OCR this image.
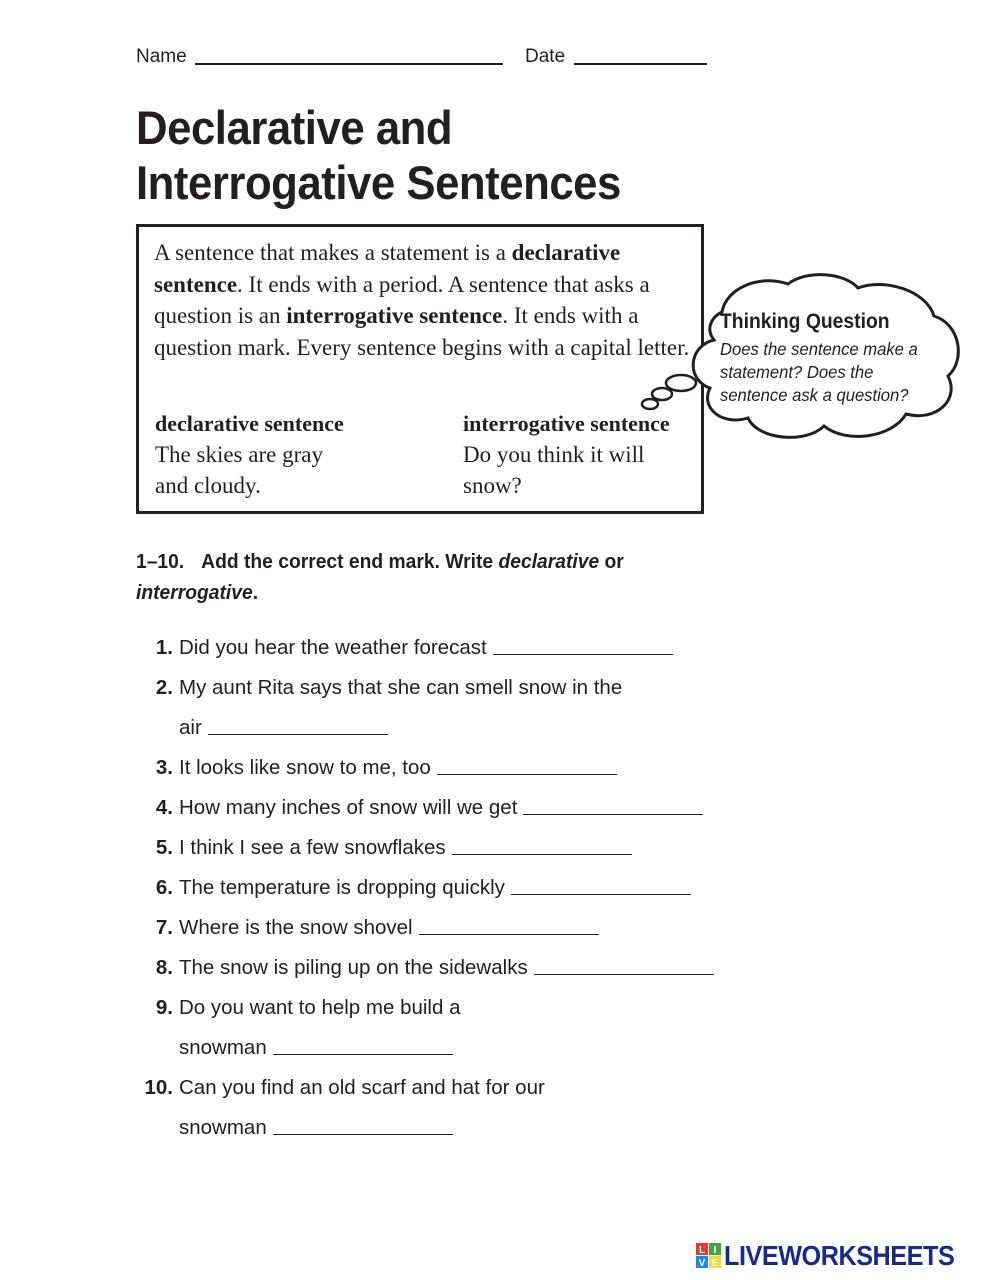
Name	Date
Declarative and
Interrogative Sentences
A sentence that makes a statement is a declarative sentence. It ends with a period. A sentence that asks a question is an interrogative sentence. It ends with a question mark. Every sentence begins with a capital letter.
declarative sentence
The skies are gray
and cloudy.
interrogative sentence
Do you think it will
snow?
Thinking Question
Does the sentence make a statement? Does the sentence ask a question?
1–10. Add the correct end mark. Write declarative or interrogative.
1. Did you hear the weather forecast
2. My aunt Rita says that she can smell snow in the
air
3. It looks like snow to me, too
4. How many inches of snow will we get
5. I think I see a few snowflakes
6. The temperature is dropping quickly
7. Where is the snow shovel
8. The snow is piling up on the sidewalks
9. Do you want to help me build a
snowman
10. Can you find an old scarf and hat for our
snowman
L I
V E LIVEWORKSHEETS
